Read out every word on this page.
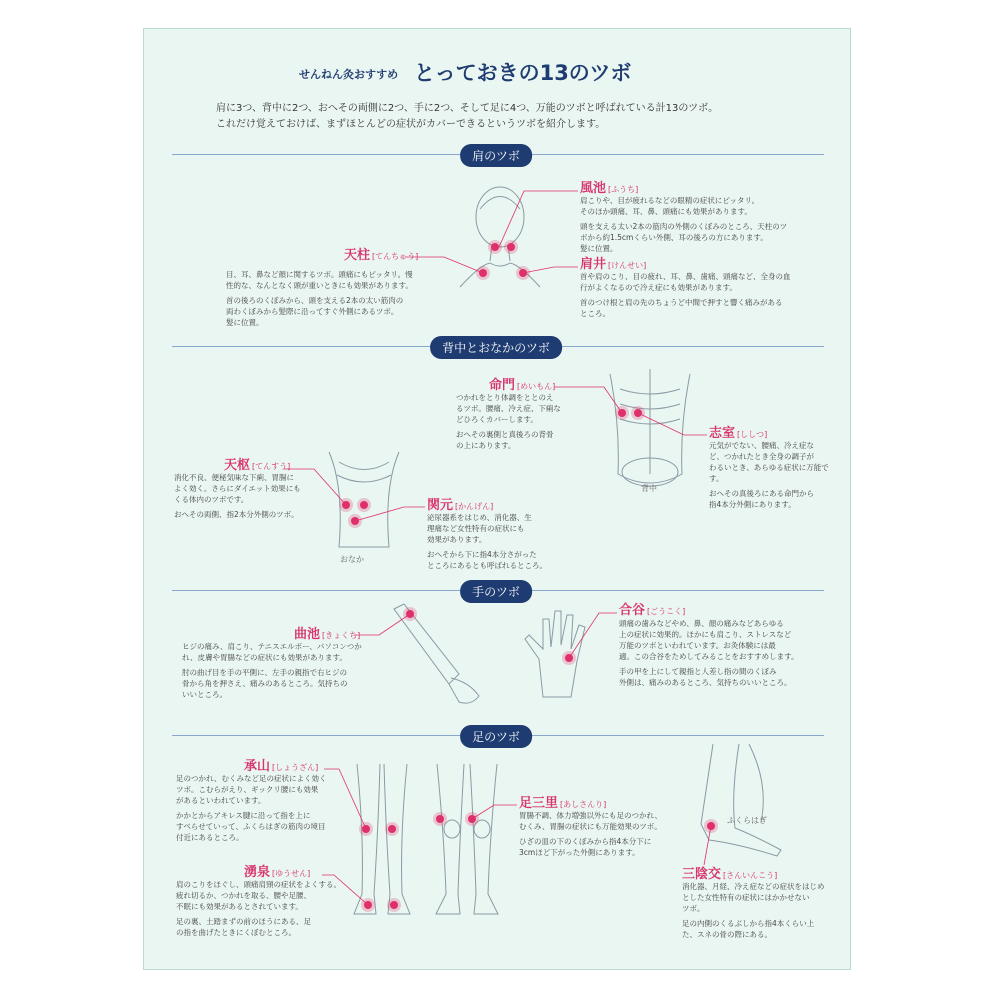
せんねん灸おすすめ とっておきの13のツボ
肩に3つ、背中に2つ、おへその両側に2つ、手に2つ、そして足に4つ、万能のツボと呼ばれている計13のツボ。
これだけ覚えておけば、まずほとんどの症状がカバーできるというツボを紹介します。
肩のツボ
背中とおなかのツボ
手のツボ
足のツボ
風池 [ふうち]
肩こりや、目が疲れるなどの眼精の症状にピッタリ。
そのほか頭痛、耳、鼻、頭痛にも効果があります。
頭を支える太い2本の筋肉の外側のくぼみのところ、天柱のツ
ボから約1.5cmくらい外側、耳の後ろの方にあります。
髪に位置。
天柱 [てんちゅう]
目、耳、鼻など顔に関するツボ。頭痛にもピッタリ。慢
性的な、なんとなく頭が重いときにも効果があります。
首の後ろのくぼみから、頭を支える2本の太い筋肉の
両わくぼみから髪際に沿ってすぐ外側にあるツボ。
髪に位置。
肩井 [けんせい]
首や肩のこり、目の疲れ、耳、鼻、歯痛、頭痛など、全身の血
行がよくなるので冷え症にも効果があります。
首のつけ根と肩の先のちょうど中間で押すと響く痛みがある
ところ。
背中
おなか
命門 [めいもん]
つかれをとり体調をととのえ
るツボ。腰痛、冷え症、下痢な
どひろくカバーします。
おへその裏側と真後ろの背骨
の上にあります。
志室 [ししつ]
元気がでない、腰痛、冷え症な
ど、つかれたとき全身の調子が
わるいとき、あらゆる症状に万能です。
おへその真後ろにある命門から
指4本分外側にあります。
天枢 [てんすう]
消化不良、便秘気味な下痢、胃腸に
よく効く。さらにダイエット効果にも
くる体内のツボです。
おへその両側、指2本分外側のツボ。
関元 [かんげん]
泌尿器系をはじめ、消化器、生
理痛など女性特有の症状にも
効果があります。
おへそから下に指4本分さがった
ところにあるとも呼ばれるところ。
曲池 [きょくち]
ヒジの痛み、肩こり、テニスエルボー、パソコンつか
れ、皮膚や胃腸などの症状にも効果があります。
肘の曲げ目を手の平側に、左手の親指で右ヒジの
骨から角を押さえ、痛みのあるところ。気持ちの
いいところ。
合谷 [ごうこく]
頭痛の歯みなどやめ、鼻、顔の痛みなどあらゆる
上の症状に効果的。ほかにも肩こり、ストレスなど
万能のツボといわれています。お灸体験には最
適。この合谷をためしてみることをおすすめします。
手の甲を上にして親指と人差し指の間のくぼみ
外側は、痛みのあるところ、気持ちのいいところ。
ふくらはぎ
承山 [しょうざん]
足のつかれ、むくみなど足の症状によく効く
ツボ。こむらがえり、ギックリ腰にも効果
があるといわれています。
かかとからアキレス腱に沿って指を上に
すべらせていって、ふくらはぎの筋肉の境目
付近にあるところ。
湧泉 [ゆうせん]
肩のこりをほぐし、頭痛肩頸の症状をよくする。
疲れ切るか、つかれを取る、腰や足腰、
不眠にも効果があるとされています。
足の裏、土踏まずの前のほうにある、足
の指を曲げたときにくぼむところ。
足三里 [あしさんり]
胃腸不調、体力増強以外にも足のつかれ、
むくみ、胃腸の症状にも万能効果のツボ。
ひざの皿の下のくぼみから指4本分下に
3cmほど下がった外側にあります。
三陰交 [さんいんこう]
消化器、月経、冷え症などの症状をはじめ
とした女性特有の症状にはかかせない
ツボ。
足の内側のくるぶしから指4本くらい上
た、スネの骨の際にある。
